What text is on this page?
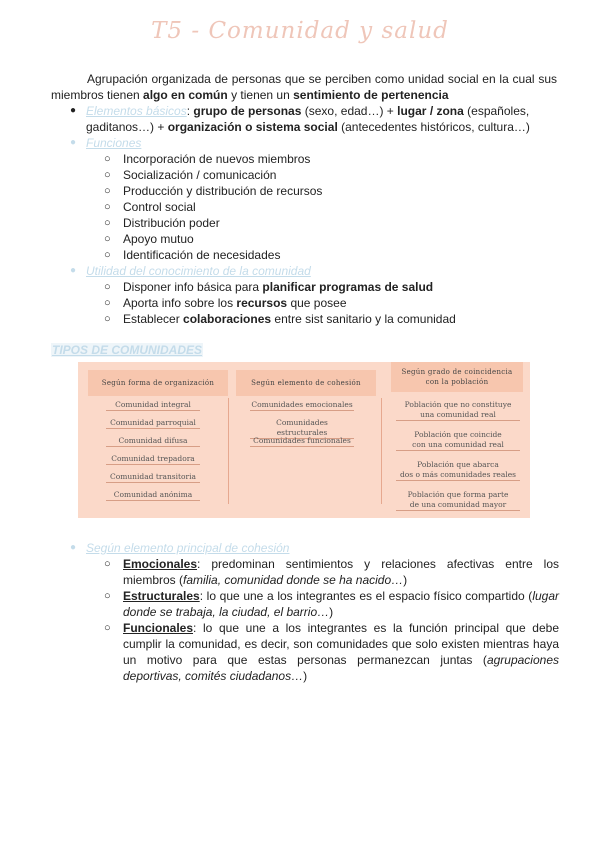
T5 - Comunidad y salud
Agrupación organizada de personas que se perciben como unidad social en la cual sus miembros tienen algo en común y tienen un sentimiento de pertenencia
● Elementos básicos: grupo de personas (sexo, edad…) + lugar / zona (españoles, gaditanos…) + organización o sistema social (antecedentes históricos, cultura…)
● Funciones
○ Incorporación de nuevos miembros
○ Socialización / comunicación
○ Producción y distribución de recursos
○ Control social
○ Distribución poder
○ Apoyo mutuo
○ Identificación de necesidades
● Utilidad del conocimiento de la comunidad
○ Disponer info básica para planificar programas de salud
○ Aporta info sobre los recursos que posee
○ Establecer colaboraciones entre sist sanitario y la comunidad
TIPOS DE COMUNIDADES
Según forma de organización	Según elemento de cohesión
Según grado de coincidencia
con la población
Comunidad integral
Comunidad parroquial
Comunidad difusa
Comunidad trepadora
Comunidad transitoria
Comunidad anónima
Comunidades emocionales
Comunidades estructurales
Comunidades funcionales
Población que no constituye
una comunidad real
Población que coincide
con una comunidad real
Población que abarca
dos o más comunidades reales
Población que forma parte
de una comunidad mayor
● Según elemento principal de cohesión
○ Emocionales: predominan sentimientos y relaciones afectivas entre los miembros (familia, comunidad donde se ha nacido…)
○ Estructurales: lo que une a los integrantes es el espacio físico compartido (lugar donde se trabaja, la ciudad, el barrio…)
○ Funcionales: lo que une a los integrantes es la función principal que debe cumplir la comunidad, es decir, son comunidades que solo existen mientras haya un motivo para que estas personas permanezcan juntas (agrupaciones deportivas, comités ciudadanos…)
